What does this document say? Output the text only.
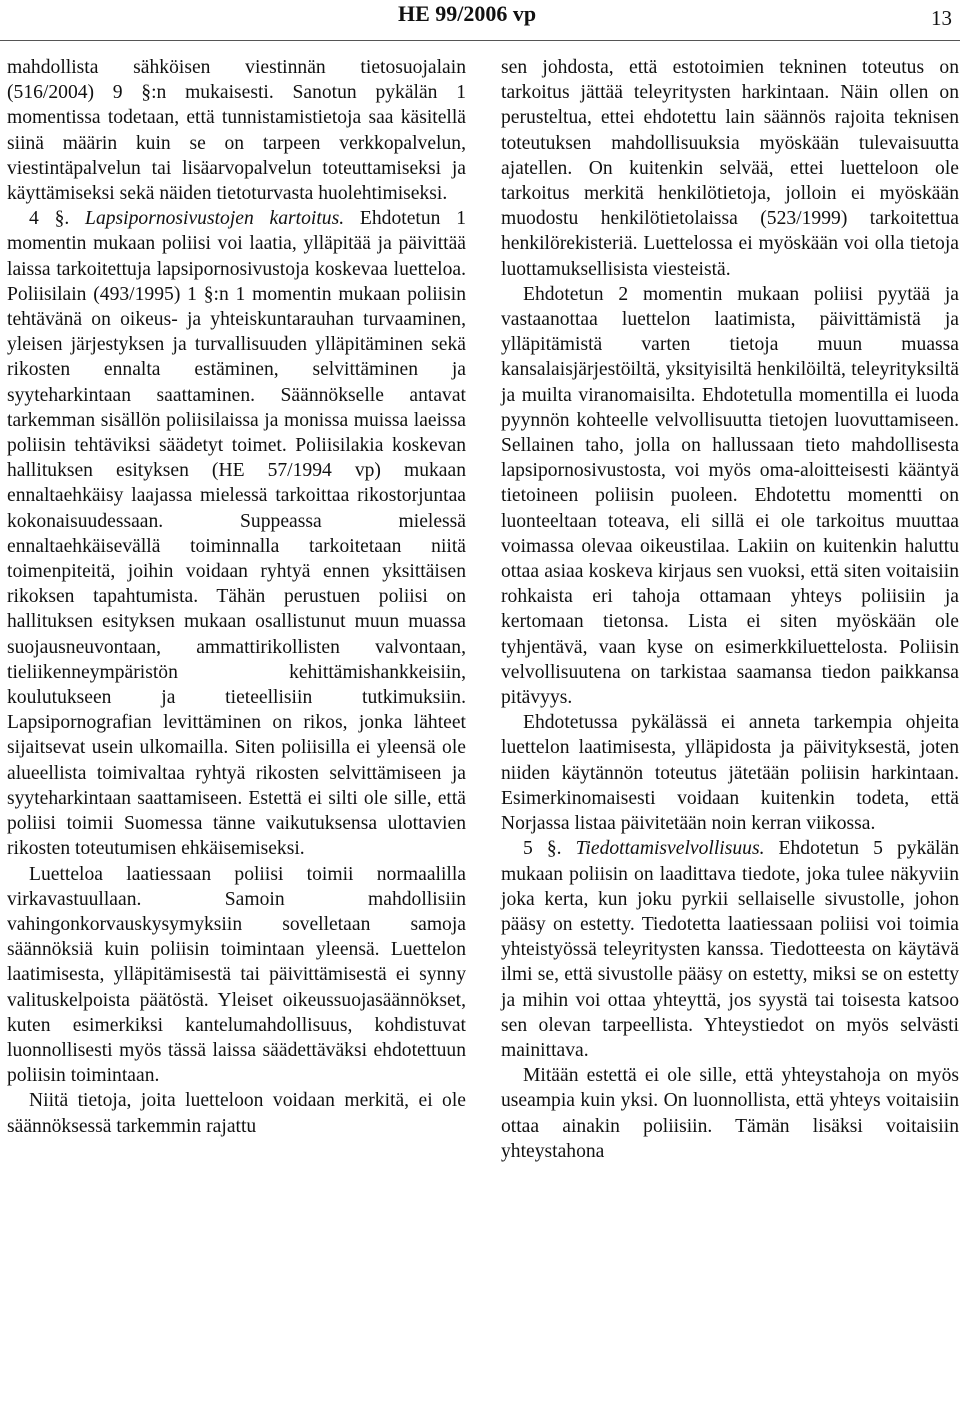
HE 99/2006 vp	13

mahdollista sähköisen viestinnän tietosuojalain (516/2004) 9 §:n mukaisesti. Sanotun pykälän 1 momentissa todetaan, että tunnistamistietoja saa käsitellä siinä määrin kuin se on tarpeen verkkopalvelun, viestintäpalvelun tai lisäarvopalvelun toteuttamiseksi ja käyttämiseksi sekä näiden tietoturvasta huolehtimiseksi.

4 §. Lapsipornosivustojen kartoitus. Ehdotetun 1 momentin mukaan poliisi voi laatia, ylläpitää ja päivittää laissa tarkoitettuja lapsipornosivustoja koskevaa luetteloa. Poliisilain (493/1995) 1 §:n 1 momentin mukaan poliisin tehtävänä on oikeus- ja yhteiskuntarauhan turvaaminen, yleisen järjestyksen ja turvallisuuden ylläpitäminen sekä rikosten ennalta estäminen, selvittäminen ja syyteharkintaan saattaminen. Säännökselle antavat tarkemman sisällön poliisilaissa ja monissa muissa laeissa poliisin tehtäviksi säädetyt toimet. Poliisilakia koskevan hallituksen esityksen (HE 57/1994 vp) mukaan ennaltaehkäisy laajassa mielessä tarkoittaa rikostorjuntaa kokonaisuudessaan. Suppeassa mielessä ennaltaehkäisevällä toiminnalla tarkoitetaan niitä toimenpiteitä, joihin voidaan ryhtyä ennen yksittäisen rikoksen tapahtumista. Tähän perustuen poliisi on hallituksen esityksen mukaan osallistunut muun muassa suojausneuvontaan, ammattirikollisten valvontaan, tieliikenneympäristön kehittämishankkeisiin, koulutukseen ja tieteellisiin tutkimuksiin. Lapsipornografian levittäminen on rikos, jonka lähteet sijaitsevat usein ulkomailla. Siten poliisilla ei yleensä ole alueellista toimivaltaa ryhtyä rikosten selvittämiseen ja syyteharkintaan saattamiseen. Estettä ei silti ole sille, että poliisi toimii Suomessa tänne vaikutuksensa ulottavien rikosten toteutumisen ehkäisemiseksi.

Luetteloa laatiessaan poliisi toimii normaalilla virkavastuullaan. Samoin mahdollisiin vahingonkorvauskysymyksiin sovelletaan samoja säännöksiä kuin poliisin toimintaan yleensä. Luettelon laatimisesta, ylläpitämisestä tai päivittämisestä ei synny valituskelpoista päätöstä. Yleiset oikeussuojasäännökset, kuten esimerkiksi kantelumahdollisuus, kohdistuvat luonnollisesti myös tässä laissa säädettäväksi ehdotettuun poliisin toimintaan.

Niitä tietoja, joita luetteloon voidaan merkitä, ei ole säännöksessä tarkemmin rajattu

sen johdosta, että estotoimien tekninen toteutus on tarkoitus jättää teleyritysten harkintaan. Näin ollen on perusteltua, ettei ehdotettu lain säännös rajoita teknisen toteutuksen mahdollisuuksia myöskään tulevaisuutta ajatellen. On kuitenkin selvää, ettei luetteloon ole tarkoitus merkitä henkilötietoja, jolloin ei myöskään muodostu henkilötietolaissa (523/1999) tarkoitettua henkilörekisteriä. Luettelossa ei myöskään voi olla tietoja luottamuksellisista viesteistä.

Ehdotetun 2 momentin mukaan poliisi pyytää ja vastaanottaa luettelon laatimista, päivittämistä ja ylläpitämistä varten tietoja muun muassa kansalaisjärjestöiltä, yksityisiltä henkilöiltä, teleyrityksiltä ja muilta viranomaisilta. Ehdotetulla momentilla ei luoda pyynnön kohteelle velvollisuutta tietojen luovuttamiseen. Sellainen taho, jolla on hallussaan tieto mahdollisesta lapsipornosivustosta, voi myös oma-aloitteisesti kääntyä tietoineen poliisin puoleen. Ehdotettu momentti on luonteeltaan toteava, eli sillä ei ole tarkoitus muuttaa voimassa olevaa oikeustilaa. Lakiin on kuitenkin haluttu ottaa asiaa koskeva kirjaus sen vuoksi, että siten voitaisiin rohkaista eri tahoja ottamaan yhteys poliisiin ja kertomaan tietonsa. Lista ei siten myöskään ole tyhjentävä, vaan kyse on esimerkkiluettelosta. Poliisin velvollisuutena on tarkistaa saamansa tiedon paikkansa pitävyys.

Ehdotetussa pykälässä ei anneta tarkempia ohjeita luettelon laatimisesta, ylläpidosta ja päivityksestä, joten niiden käytännön toteutus jätetään poliisin harkintaan. Esimerkinomaisesti voidaan kuitenkin todeta, että Norjassa listaa päivitetään noin kerran viikossa.

5 §. Tiedottamisvelvollisuus. Ehdotetun 5 pykälän mukaan poliisin on laadittava tiedote, joka tulee näkyviin joka kerta, kun joku pyrkii sellaiselle sivustolle, johon pääsy on estetty. Tiedotetta laatiessaan poliisi voi toimia yhteistyössä teleyritysten kanssa. Tiedotteesta on käytävä ilmi se, että sivustolle pääsy on estetty, miksi se on estetty ja mihin voi ottaa yhteyttä, jos syystä tai toisesta katsoo sen olevan tarpeellista. Yhteystiedot on myös selvästi mainittava.

Mitään estettä ei ole sille, että yhteystahoja on myös useampia kuin yksi. On luonnollista, että yhteys voitaisiin ottaa ainakin poliisiin. Tämän lisäksi voitaisiin yhteystahona
